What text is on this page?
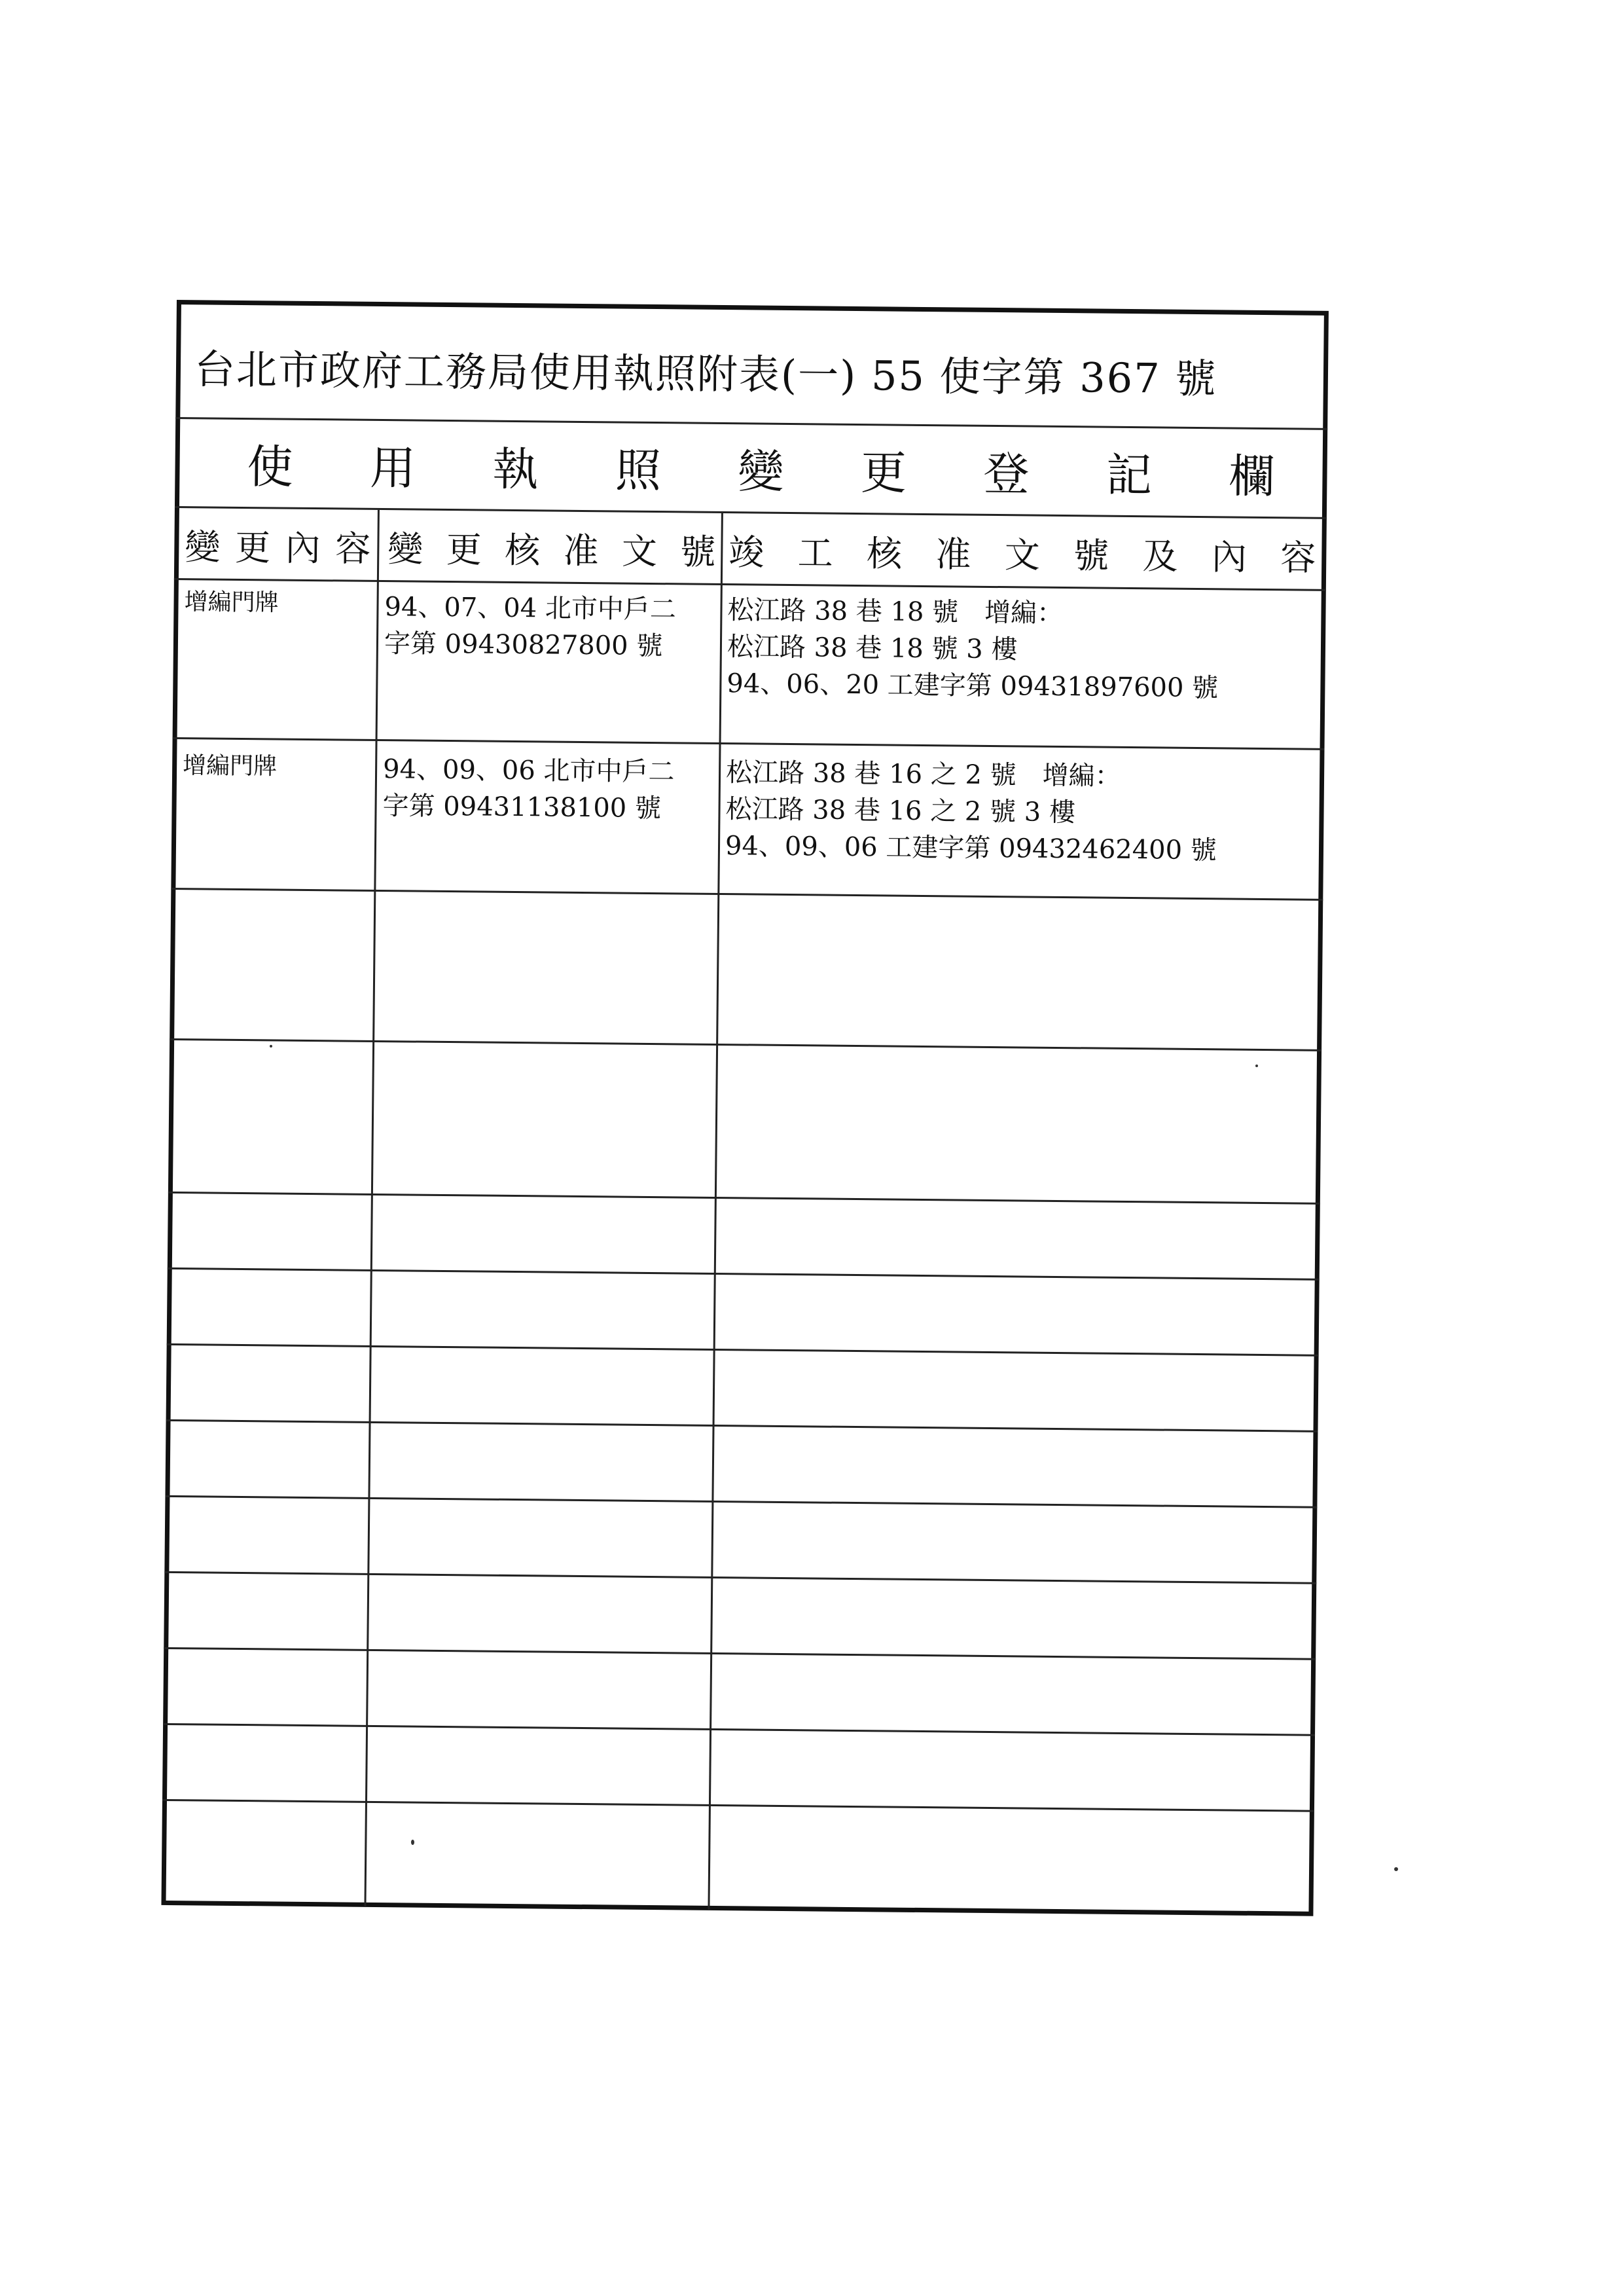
台北市政府工務局使用執照附表(一) 55 使字第 367 號
使 用 執 照 變 更 登 記 欄
變 更 內 容 變 更 核 准 文 號 竣 工 核 准 文 號 及 內 容
增編門牌	94、07、04 北市中戶二
字第 09430827800 號
松江路 38 巷 18 號　增編：
松江路 38 巷 18 號 3 樓
94、06、20 工建字第 09431897600 號
增編門牌	94、09、06 北市中戶二
字第 09431138100 號
松江路 38 巷 16 之 2 號　增編：
松江路 38 巷 16 之 2 號 3 樓
94、09、06 工建字第 09432462400 號
